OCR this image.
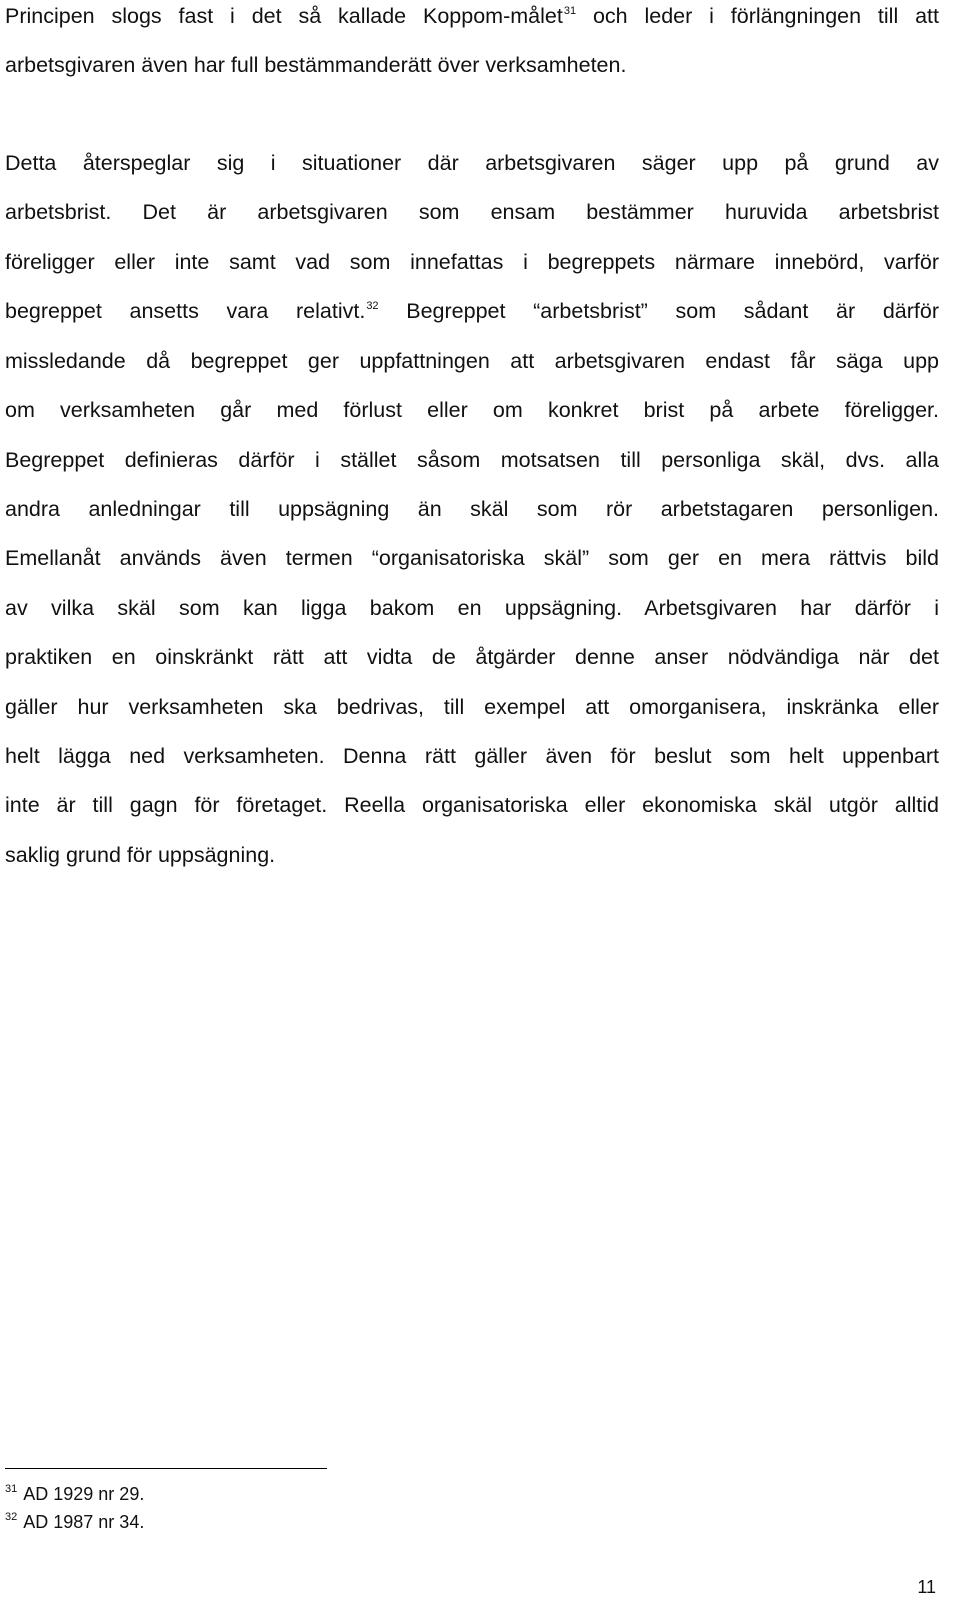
Principen slogs fast i det så kallade Koppom-målet$^{31}$ och leder i förlängningen till att
arbetsgivaren även har full bestämmanderätt över verksamheten.
Detta återspeglar sig i situationer där arbetsgivaren säger upp på grund av
arbetsbrist. Det är arbetsgivaren som ensam bestämmer huruvida arbetsbrist
föreligger eller inte samt vad som innefattas i begreppets närmare innebörd, varför
begreppet ansetts vara relativt.$^{32}$ Begreppet “arbetsbrist” som sådant är därför
missledande då begreppet ger uppfattningen att arbetsgivaren endast får säga upp
om verksamheten går med förlust eller om konkret brist på arbete föreligger.
Begreppet definieras därför i stället såsom motsatsen till personliga skäl, dvs. alla
andra anledningar till uppsägning än skäl som rör arbetstagaren personligen.
Emellanåt används även termen “organisatoriska skäl” som ger en mera rättvis bild
av vilka skäl som kan ligga bakom en uppsägning. Arbetsgivaren har därför i
praktiken en oinskränkt rätt att vidta de åtgärder denne anser nödvändiga när det
gäller hur verksamheten ska bedrivas, till exempel att omorganisera, inskränka eller
helt lägga ned verksamheten. Denna rätt gäller även för beslut som helt uppenbart
inte är till gagn för företaget. Reella organisatoriska eller ekonomiska skäl utgör alltid
saklig grund för uppsägning.
$^{31}$ AD 1929 nr 29.
$^{32}$ AD 1987 nr 34.
11
